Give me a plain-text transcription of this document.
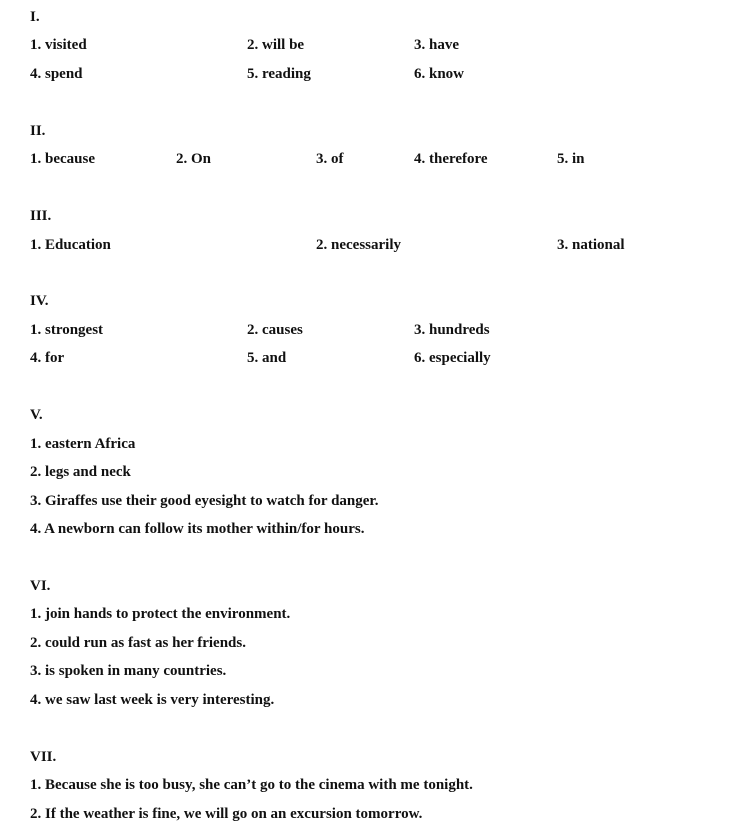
I.
1. visited	2. will be	3. have
4. spend	5. reading	6. know
II.
1. because	2. On	3. of	4. therefore	5. in
III.
1. Education	2. necessarily	3. national
IV.
1. strongest	2. causes	3. hundreds
4. for	5. and	6. especially
V.
1. eastern Africa
2. legs and neck
3. Giraffes use their good eyesight to watch for danger.
4. A newborn can follow its mother within/for hours.
VI.
1. join hands to protect the environment.
2. could run as fast as her friends.
3. is spoken in many countries.
4. we saw last week is very interesting.
VII.
1. Because she is too busy, she can’t go to the cinema with me tonight.
2. If the weather is fine, we will go on an excursion tomorrow.
